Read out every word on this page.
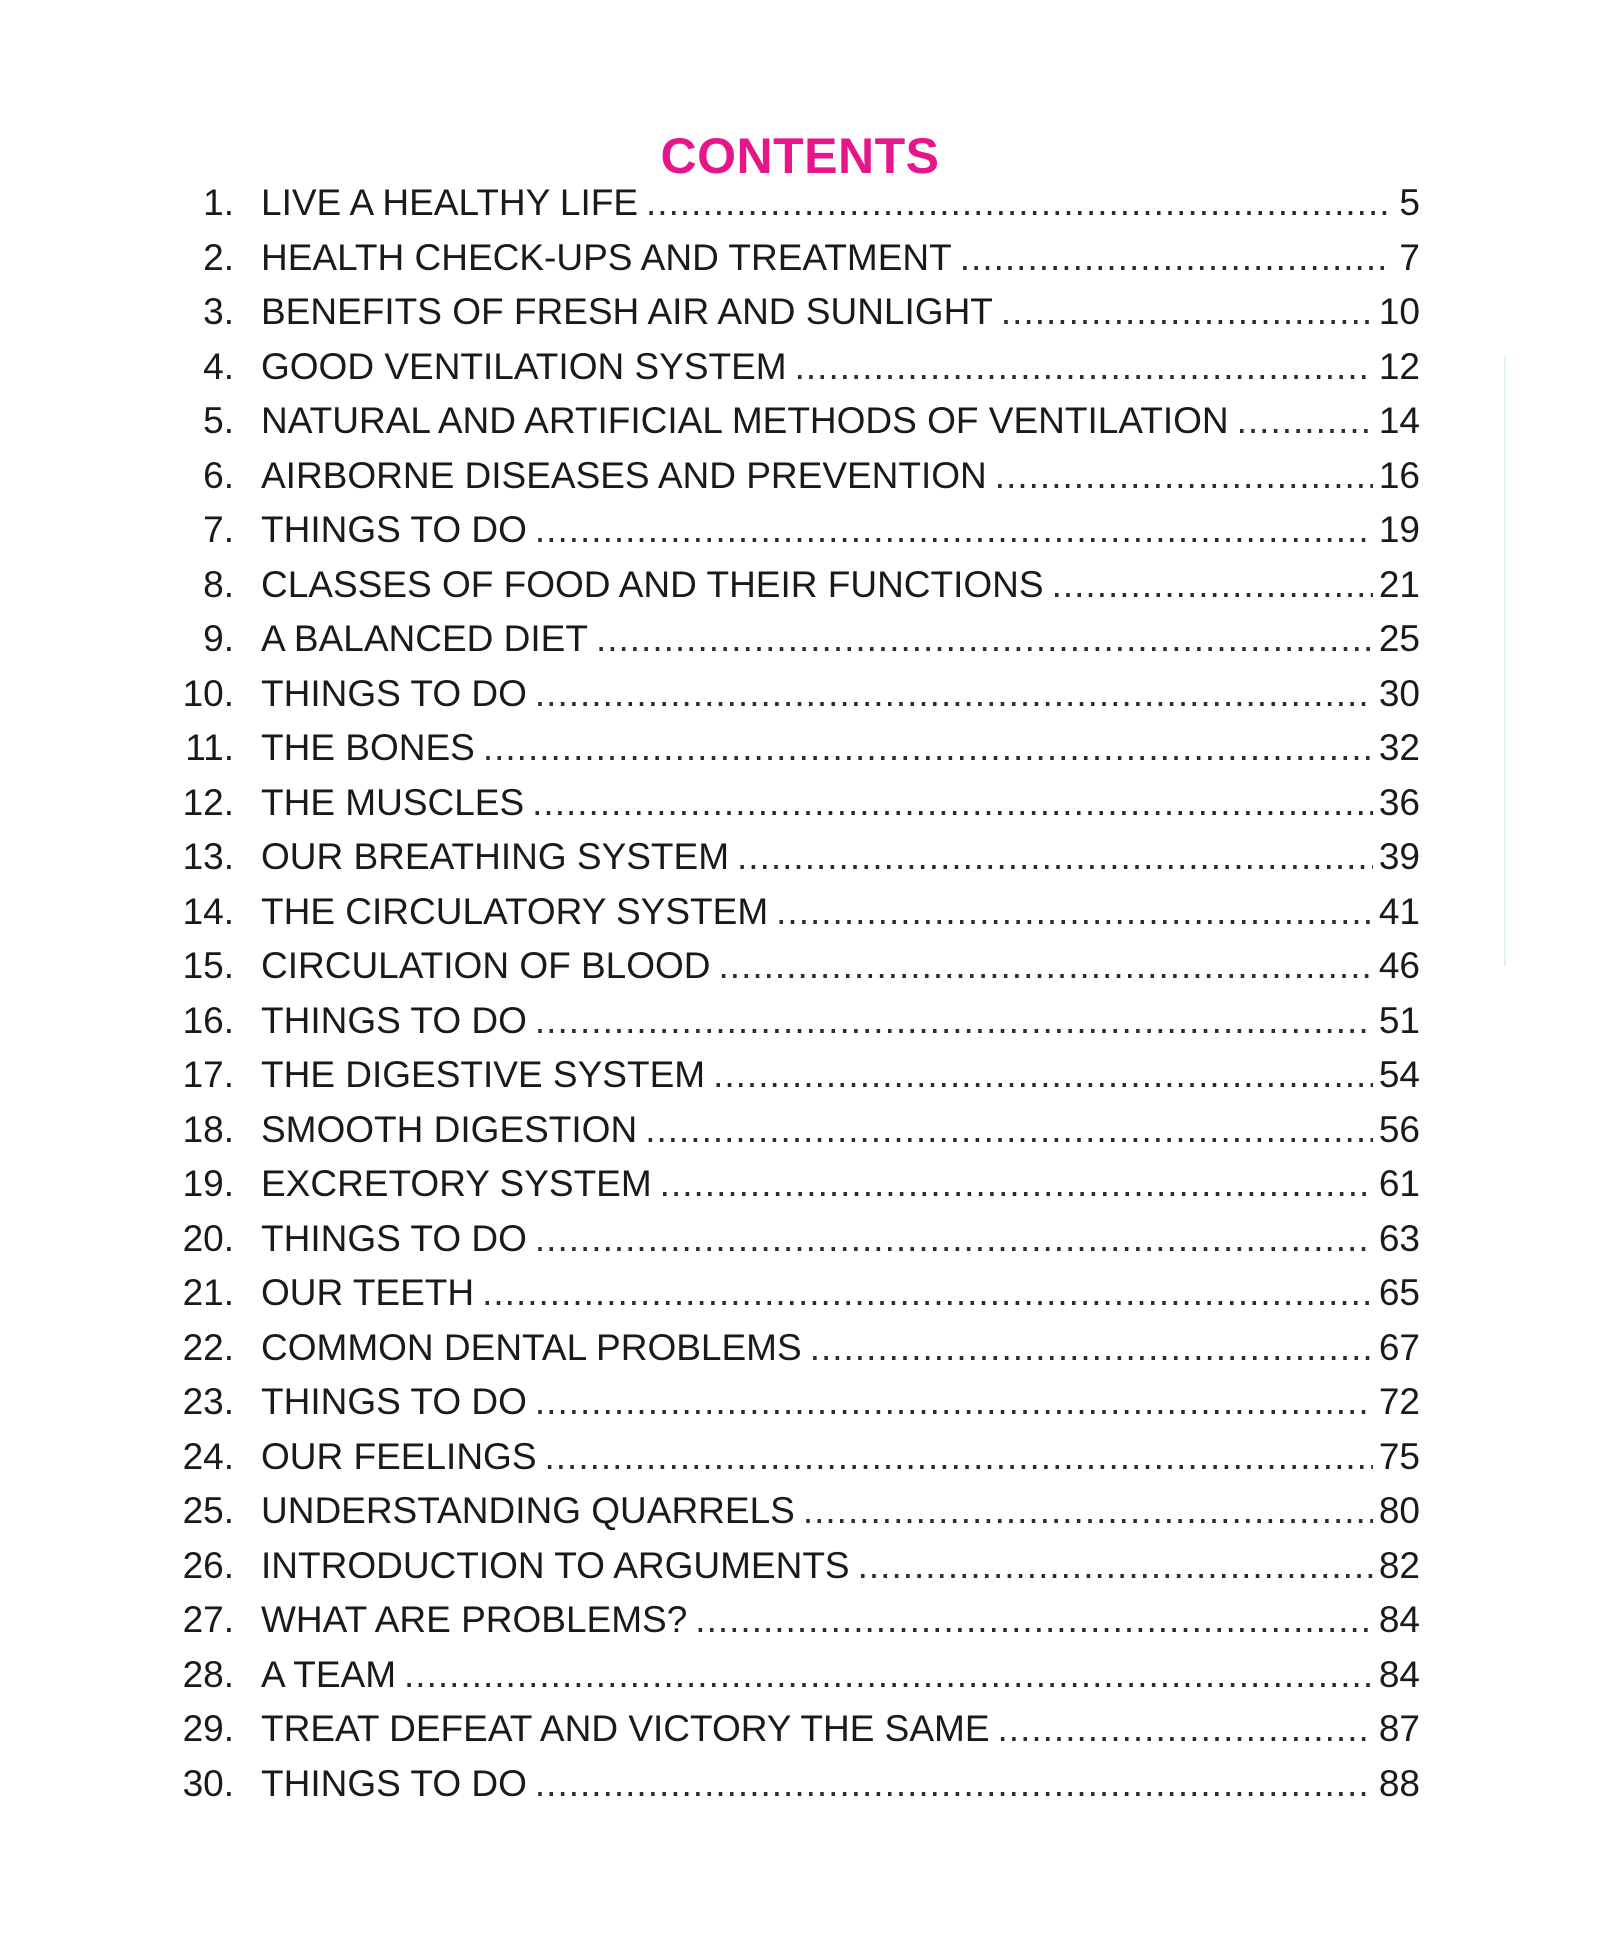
CONTENTS
1. LIVE A HEALTHY LIFE .....	5
2. HEALTH CHECK-UPS AND TREATMENT .....	7
3. BENEFITS OF FRESH AIR AND SUNLIGHT .....	10
4. GOOD VENTILATION SYSTEM .....	12
5. NATURAL AND ARTIFICIAL METHODS OF VENTILATION .....	14
6. AIRBORNE DISEASES AND PREVENTION .....	16
7. THINGS TO DO .....	19
8. CLASSES OF FOOD AND THEIR FUNCTIONS .....	21
9. A BALANCED DIET .....	25
10. THINGS TO DO .....	30
11. THE BONES .....	32
12. THE MUSCLES .....	36
13. OUR BREATHING SYSTEM .....	39
14. THE CIRCULATORY SYSTEM .....	41
15. CIRCULATION OF BLOOD .....	46
16. THINGS TO DO .....	51
17. THE DIGESTIVE SYSTEM .....	54
18. SMOOTH DIGESTION .....	56
19. EXCRETORY SYSTEM .....	61
20. THINGS TO DO .....	63
21. OUR TEETH .....	65
22. COMMON DENTAL PROBLEMS .....	67
23. THINGS TO DO .....	72
24. OUR FEELINGS .....	75
25. UNDERSTANDING QUARRELS .....	80
26. INTRODUCTION TO ARGUMENTS .....	82
27. WHAT ARE PROBLEMS? .....	84
28. A TEAM .....	84
29. TREAT DEFEAT AND VICTORY THE SAME .....	87
30. THINGS TO DO .....	88
